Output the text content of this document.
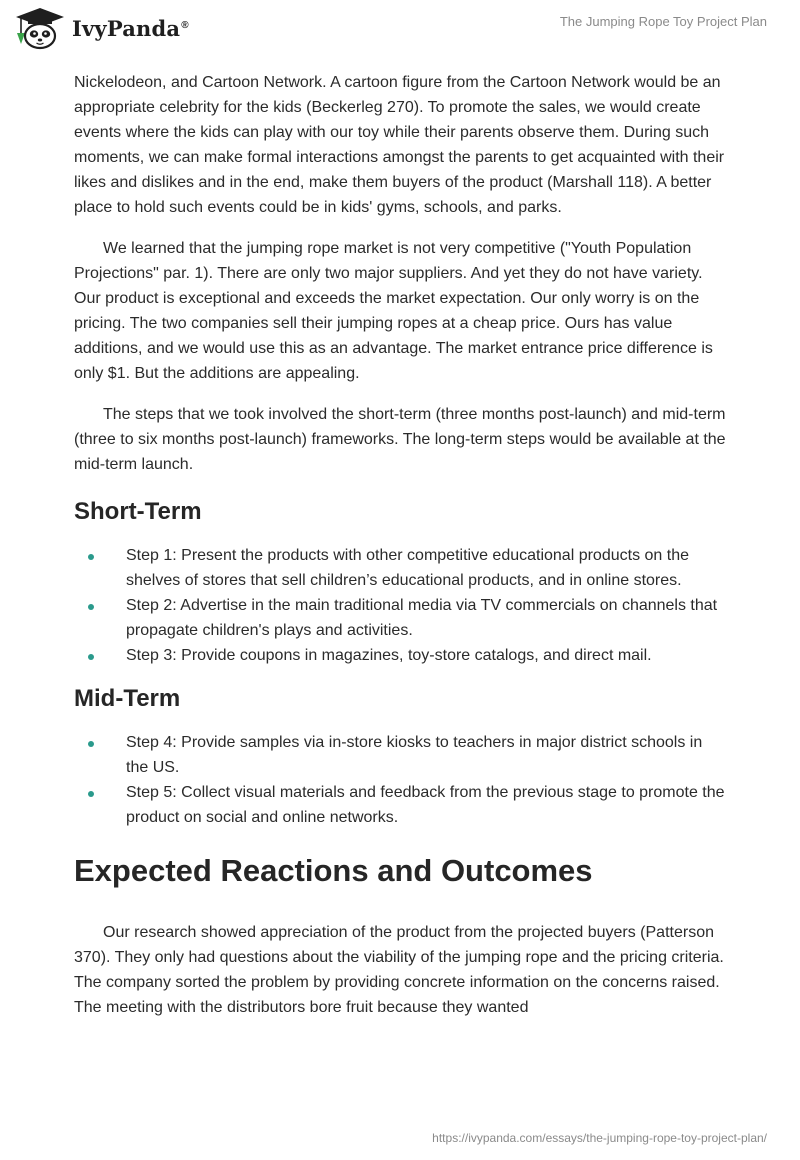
IvyPanda®	The Jumping Rope Toy Project Plan

Nickelodeon, and Cartoon Network. A cartoon figure from the Cartoon Network would be an appropriate celebrity for the kids (Beckerleg 270). To promote the sales, we would create events where the kids can play with our toy while their parents observe them. During such moments, we can make formal interactions amongst the parents to get acquainted with their likes and dislikes and in the end, make them buyers of the product (Marshall 118). A better place to hold such events could be in kids' gyms, schools, and parks.

We learned that the jumping rope market is not very competitive ("Youth Population Projections" par. 1). There are only two major suppliers. And yet they do not have variety. Our product is exceptional and exceeds the market expectation. Our only worry is on the pricing. The two companies sell their jumping ropes at a cheap price. Ours has value additions, and we would use this as an advantage. The market entrance price difference is only $1. But the additions are appealing.

The steps that we took involved the short-term (three months post-launch) and mid-term (three to six months post-launch) frameworks. The long-term steps would be available at the mid-term launch.

Short-Term
Step 1: Present the products with other competitive educational products on the shelves of stores that sell children’s educational products, and in online stores.
Step 2: Advertise in the main traditional media via TV commercials on channels that propagate children's plays and activities.
Step 3: Provide coupons in magazines, toy-store catalogs, and direct mail.
Mid-Term
Step 4: Provide samples via in-store kiosks to teachers in major district schools in the US.
Step 5: Collect visual materials and feedback from the previous stage to promote the product on social and online networks.
Expected Reactions and Outcomes

Our research showed appreciation of the product from the projected buyers (Patterson 370). They only had questions about the viability of the jumping rope and the pricing criteria. The company sorted the problem by providing concrete information on the concerns raised. The meeting with the distributors bore fruit because they wanted

https://ivypanda.com/essays/the-jumping-rope-toy-project-plan/
